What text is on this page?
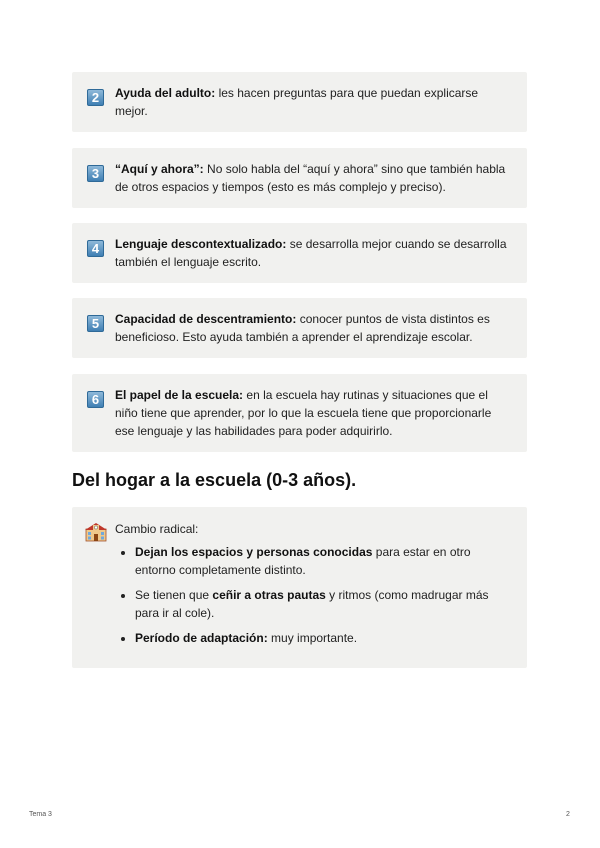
2	Ayuda del adulto: les hacen preguntas para que puedan explicarse mejor.
3	“Aquí y ahora”: No solo habla del “aquí y ahora” sino que también habla de otros espacios y tiempos (esto es más complejo y preciso).
4	Lenguaje descontextualizado: se desarrolla mejor cuando se desarrolla también el lenguaje escrito.
5	Capacidad de descentramiento: conocer puntos de vista distintos es beneficioso. Esto ayuda también a aprender el aprendizaje escolar.
6	El papel de la escuela: en la escuela hay rutinas y situaciones que el niño tiene que aprender, por lo que la escuela tiene que proporcionarle ese lenguaje y las habilidades para poder adquirirlo.
Del hogar a la escuela (0-3 años).
Cambio radical:
• Dejan los espacios y personas conocidas para estar en otro entorno completamente distinto.
• Se tienen que ceñir a otras pautas y ritmos (como madrugar más para ir al cole).
• Período de adaptación: muy importante.
Tema 3	2
